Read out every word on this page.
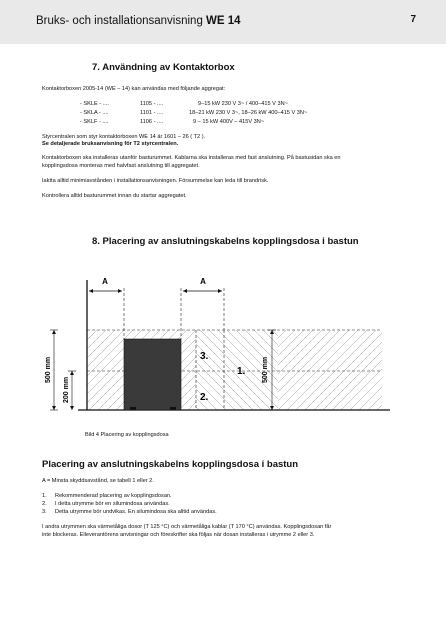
Bruks- och installationsanvisning WE 14	7
7. Användning av Kontaktorbox
Kontaktorboxen 2005-14 (WE – 14) kan användas med följande aggregat:
- SKLE - ....	1105 - ....	9–15 kW 230 V 3~ / 400–415 V 3N~
- SKLA - ....	1101 - ....	18–21 kW 230 V 3~, 18–26 kW 400–415 V 3N~
- SKLF - ....	1106 - ....	9 – 15 kW 400V – 415V 3N~
Styrcentralen som styr kontaktorboxen WE 14 är 1601 – 26 ( T2 ).
Se detaljerade bruksanvisning för T2 styrcentralen.
Kontaktorboxen ska installeras utanför basturummet. Kablarna ska installeras med fast anslutning. På bastusidan ska en
kopplingsdosa monteras med halvfast anslutning till aggregatet.
Iaktta alltid minimiavstånden i installationsanvisningen. Försummelse kan leda till brandrisk.
Kontrollera alltid basturummet innan du startar aggregatet.
8. Placering av anslutningskabelns kopplingsdosa i bastun
A	A
3.
1.
2.
500 mm
200 mm
500 mm
Bild 4 Placering av kopplingsdosa
Placering av anslutningskabelns kopplingsdosa i bastun
A = Minsta skyddsavstånd, se tabell 1 eller 2.
1. Rekommenderad placering av kopplingsdosan.
2. I detta utrymme bör en silumindosa användas.
3. Detta utrymme bör undvikas. En silumindosa ska alltid användas.
I andra utrymmen ska värmetåliga dosor (T 125 °C) och värmetåliga kablar (T 170 °C) användas. Kopplingsdosan får
inte blockeras. Elleverantörens anvisningar och föreskrifter ska följas när dosan installeras i utrymme 2 eller 3.
